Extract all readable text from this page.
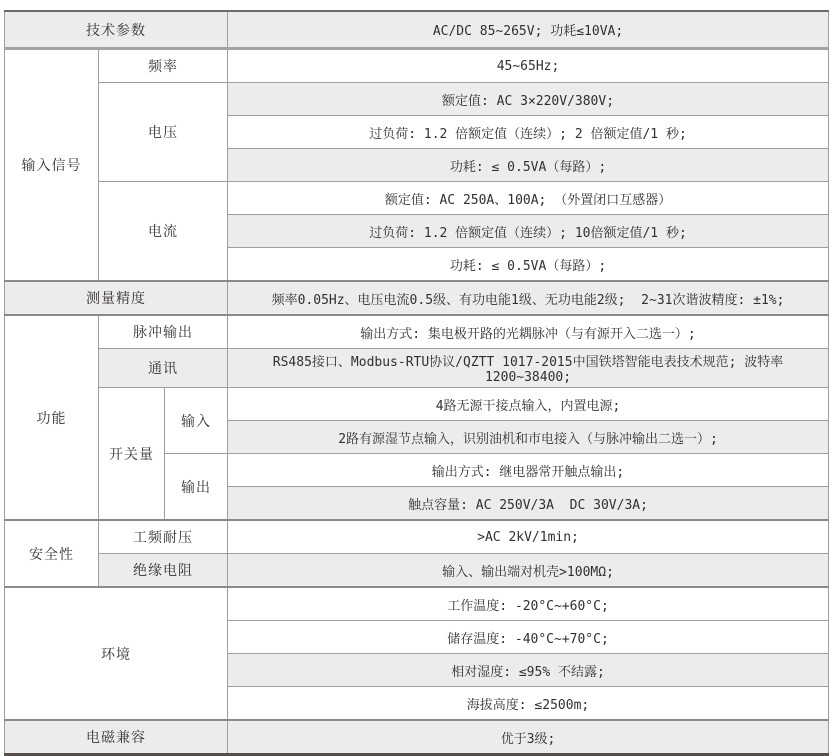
技术参数			AC/DC 85~265V; 功耗≤10VA;
输入信号	频率		45~65Hz;
	电压		额定值: AC 3×220V/380V;
			过负荷: 1.2 倍额定值（连续）; 2 倍额定值/1 秒;
			功耗: ≤ 0.5VA（每路）;
	电流		额定值: AC 250A、100A; （外置闭口互感器）
			过负荷: 1.2 倍额定值（连续）; 10倍额定值/1 秒;
			功耗: ≤ 0.5VA（每路）;
测量精度			频率0.05Hz、电压电流0.5级、有功电能1级、无功电能2级;  2~31次谐波精度: ±1%;
功能	脉冲输出		输出方式: 集电极开路的光耦脉冲（与有源开入二选一）;
	通讯		RS485接口、Modbus-RTU协议/QZTT 1017-2015中国铁塔智能电表技术规范; 波特率1200~38400;
	开关量	输入	4路无源干接点输入，内置电源;
			2路有源湿节点输入，识别油机和市电接入（与脉冲输出二选一）;
		输出	输出方式: 继电器常开触点输出;
			触点容量: AC 250V/3A  DC 30V/3A;
安全性	工频耐压		>AC 2kV/1min;
	绝缘电阻		输入、输出端对机壳>100MΩ;
环境			工作温度: -20°C~+60°C;
			储存温度: -40°C~+70°C;
			相对湿度: ≤95% 不结露;
			海拔高度: ≤2500m;
电磁兼容			优于3级;
